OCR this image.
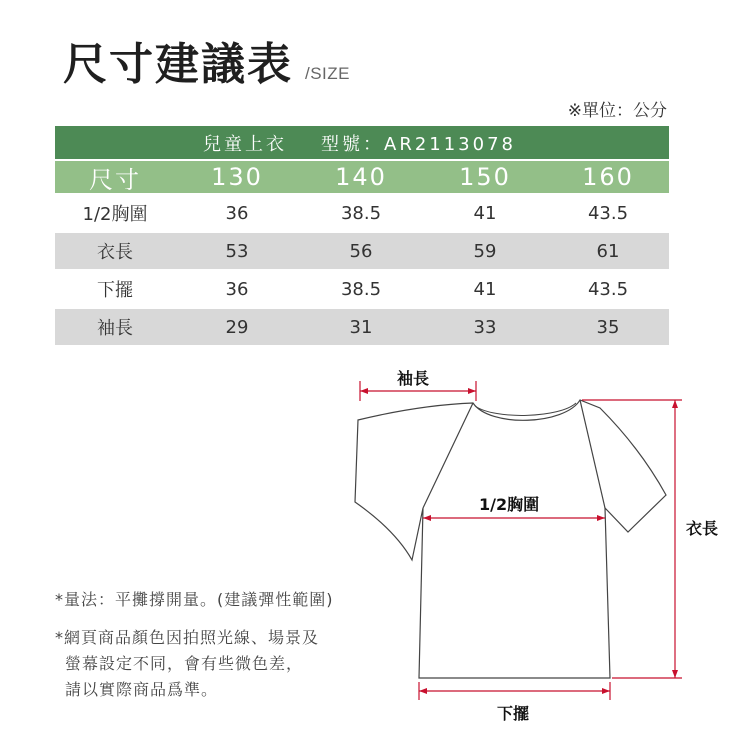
尺寸建議表 /SIZE
※單位：公分
兒童上衣 型號：AR2113078
尺寸	130	140	150	160
1/2胸圍	36	38.5	41	43.5
衣長	53	56	59	61
下擺	36	38.5	41	43.5
袖長	29	31	33	35
袖長
1/2胸圍
衣長
下擺

*量法：平攤撐開量。(建議彈性範圍)

*網頁商品顏色因拍照光線、場景及

螢幕設定不同，會有些微色差，

請以實際商品爲準。
